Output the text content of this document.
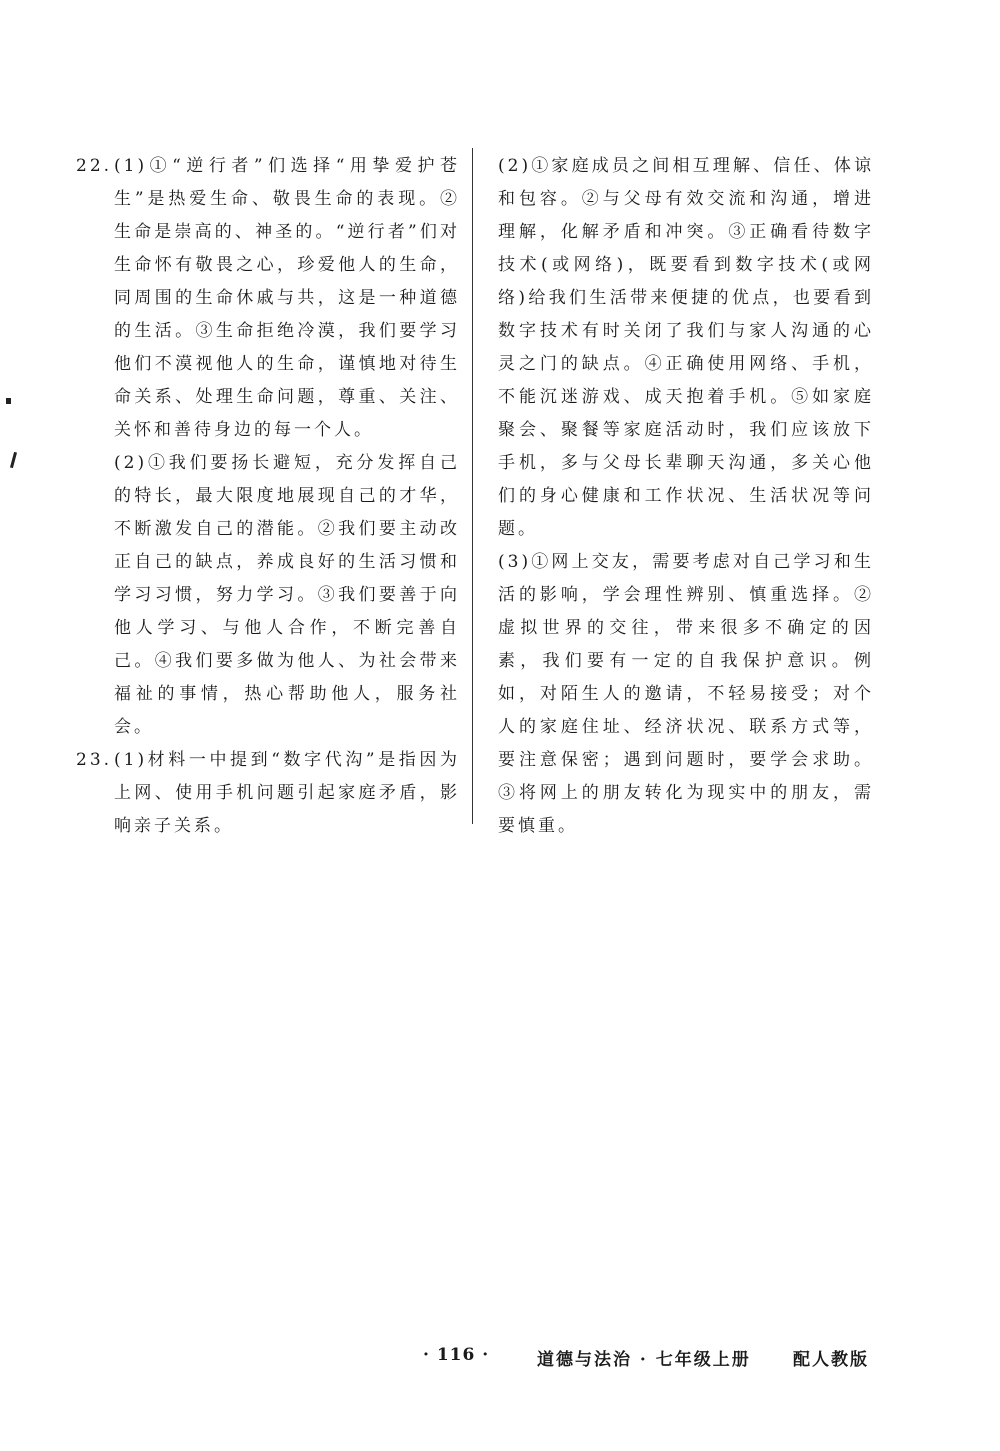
22. (1)①“逆行者”们选择“用挚爱护苍生”是热爱生命、敬畏生命的表现。②生命是崇高的、神圣的。“逆行者”们对生命怀有敬畏之心，珍爱他人的生命，同周围的生命休戚与共，这是一种道德的生活。③生命拒绝冷漠，我们要学习他们不漠视他人的生命，谨慎地对待生命关系、处理生命问题，尊重、关注、关怀和善待身边的每一个人。

(2)①我们要扬长避短，充分发挥自己的特长，最大限度地展现自己的才华，不断激发自己的潜能。②我们要主动改正自己的缺点，养成良好的生活习惯和学习习惯，努力学习。③我们要善于向他人学习、与他人合作，不断完善自己。④我们要多做为他人、为社会带来福祉的事情，热心帮助他人，服务社会。

23. (1)材料一中提到“数字代沟”是指因为上网、使用手机问题引起家庭矛盾，影响亲子关系。

(2)①家庭成员之间相互理解、信任、体谅和包容。②与父母有效交流和沟通，增进理解，化解矛盾和冲突。③正确看待数字技术(或网络)，既要看到数字技术(或网络)给我们生活带来便捷的优点，也要看到数字技术有时关闭了我们与家人沟通的心灵之门的缺点。④正确使用网络、手机，不能沉迷游戏、成天抱着手机。⑤如家庭聚会、聚餐等家庭活动时，我们应该放下手机，多与父母长辈聊天沟通，多关心他们的身心健康和工作状况、生活状况等问题。

(3)①网上交友，需要考虑对自己学习和生活的影响，学会理性辨别、慎重选择。②虚拟世界的交往，带来很多不确定的因素，我们要有一定的自我保护意识。例如，对陌生人的邀请，不轻易接受；对个人的家庭住址、经济状况、联系方式等，要注意保密；遇到问题时，要学会求助。③将网上的朋友转化为现实中的朋友，需要慎重。

· 116 ·	道德与法治 · 七年级上册 配人教版
